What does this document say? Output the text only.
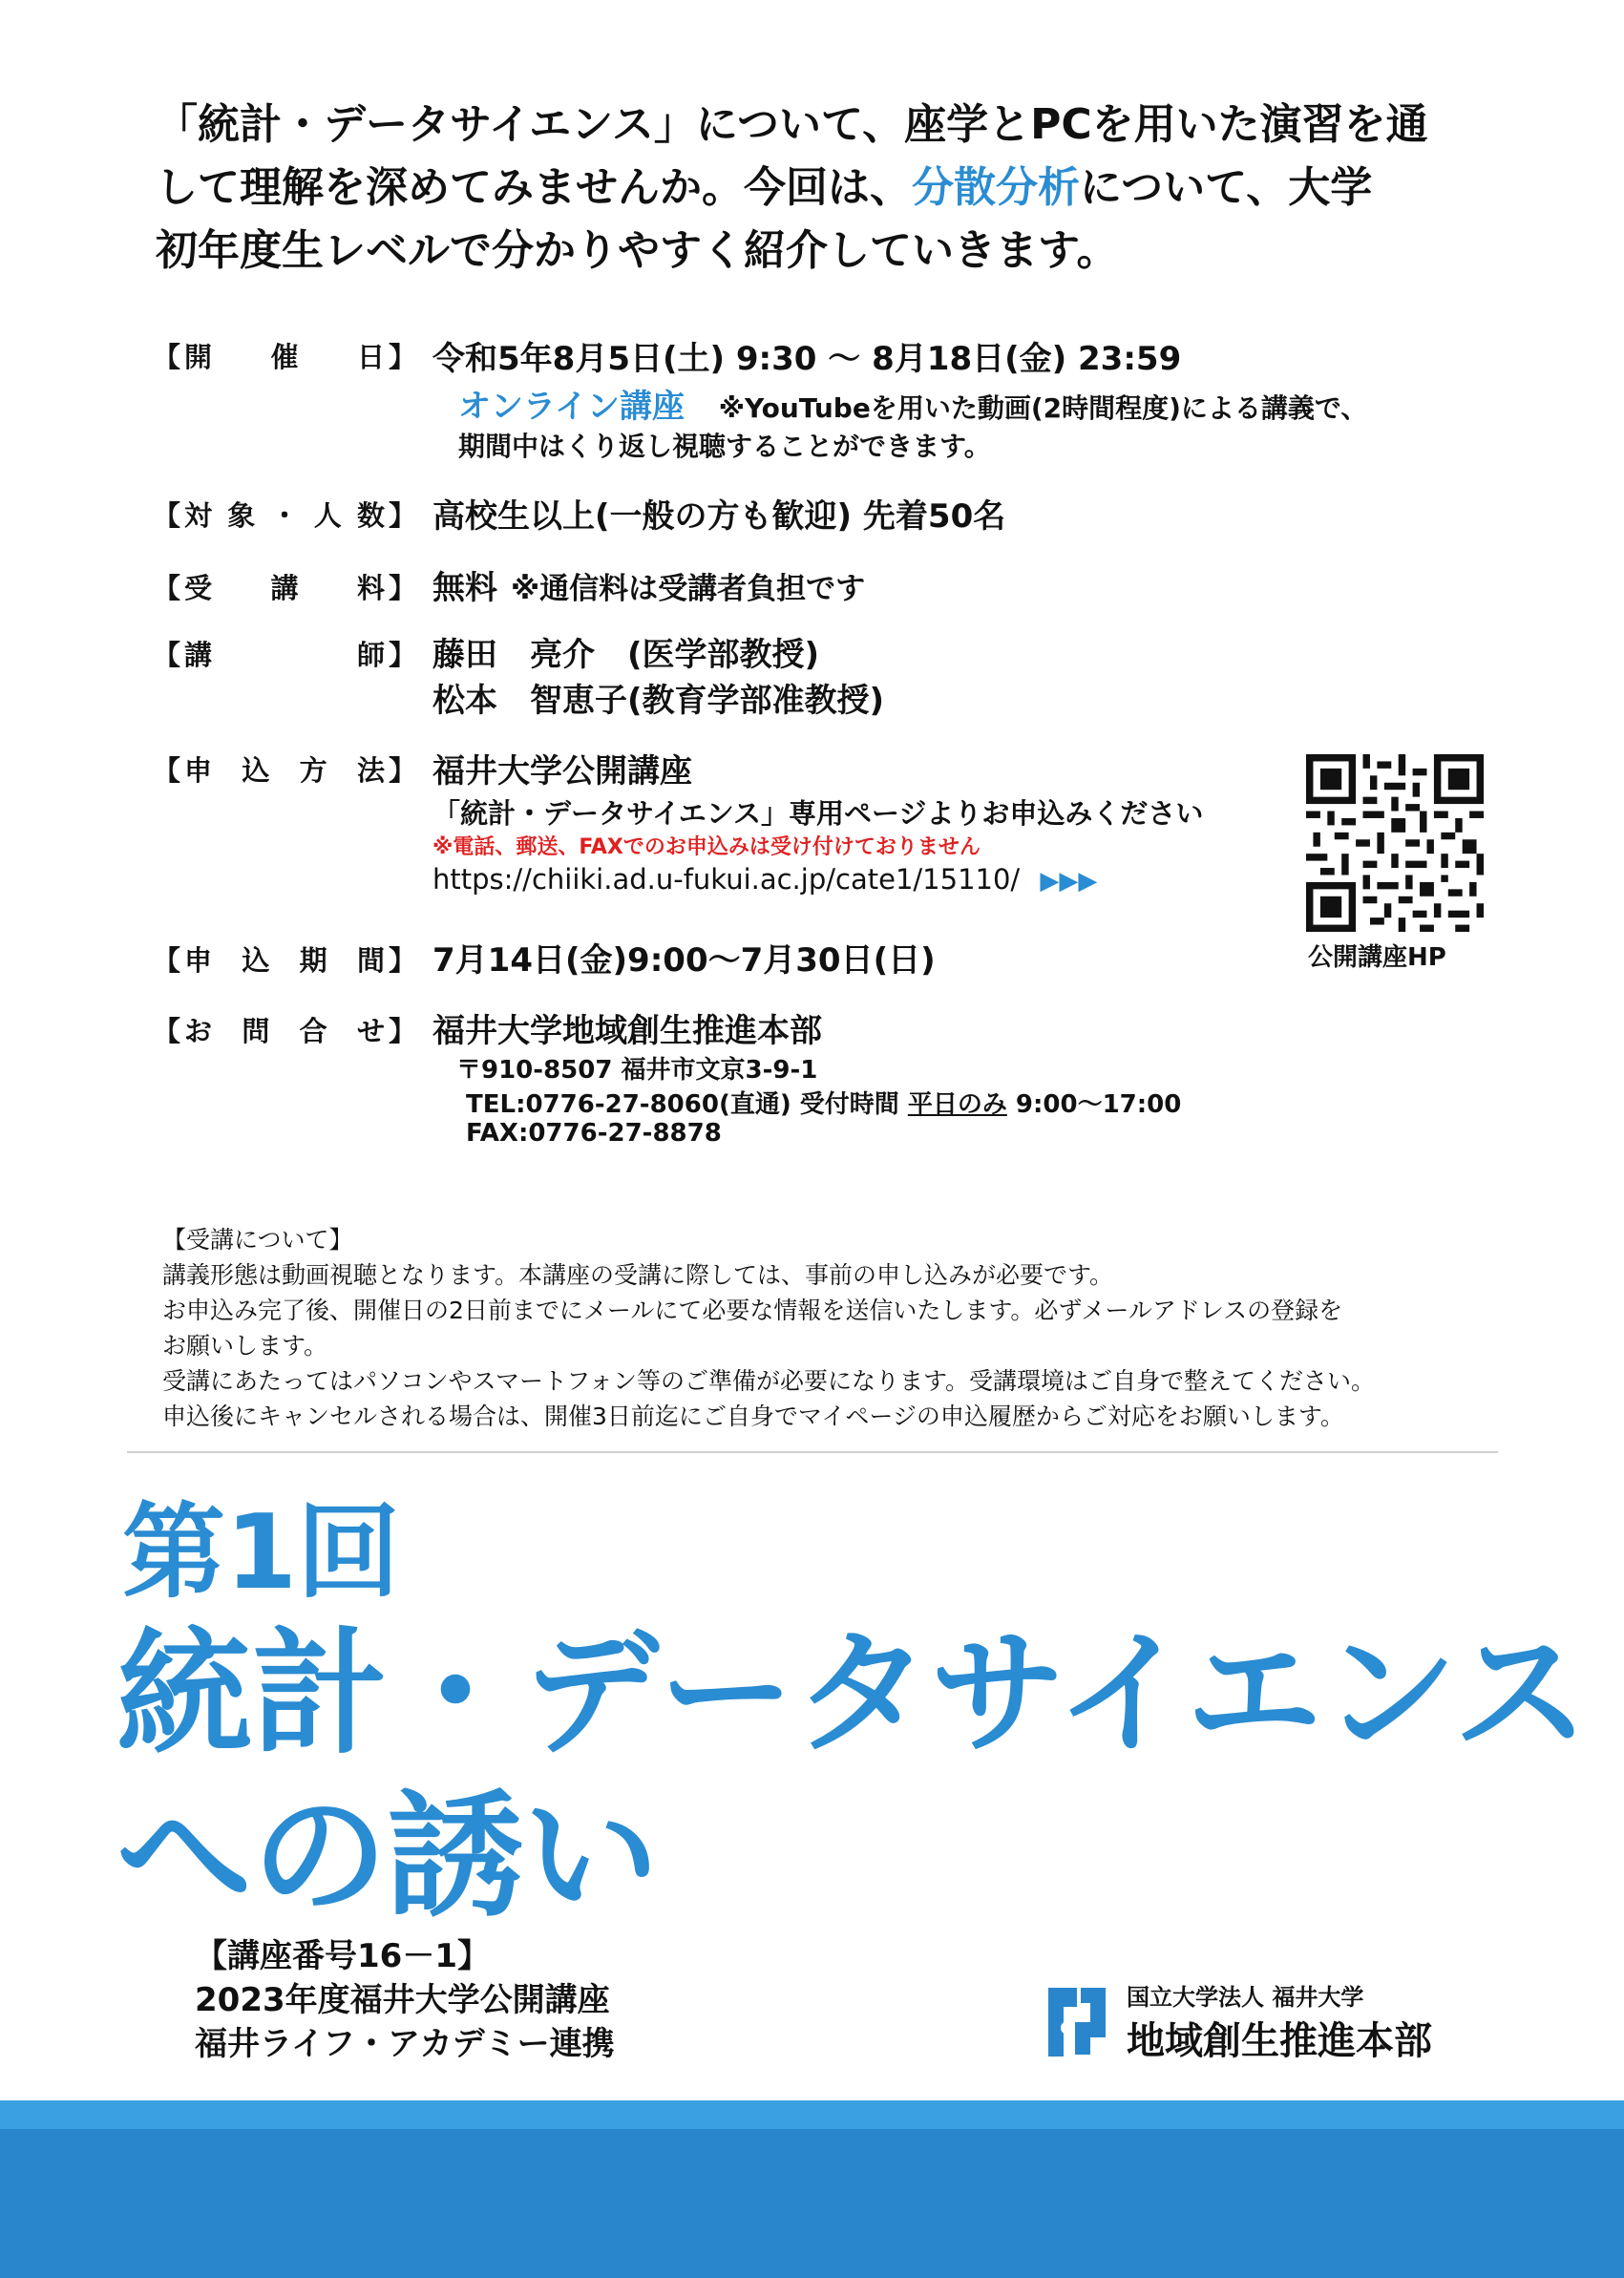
「統計・データサイエンス」について、座学とPCを用いた演習を通
して理解を深めてみませんか。今回は、分散分析について、大学
初年度生レベルで分かりやすく紹介していきます。
【 開催日 】 令和5年8月5日(土) 9:30 ～ 8月18日(金) 23:59
オンライン講座 ※YouTubeを用いた動画(2時間程度)による講義で、
期間中はくり返し視聴することができます。
【 対象・人数 】 高校生以上(一般の方も歓迎) 先着50名
【 受講料 】 無料 ※通信料は受講者負担です
【 講師 】 藤田　亮介　(医学部教授)
松本　智恵子(教育学部准教授)
【 申込方法 】 福井大学公開講座
「統計・データサイエンス」専用ページよりお申込みください
※電話、郵送、FAXでのお申込みは受け付けておりません
https://chiiki.ad.u-fukui.ac.jp/cate1/15110/ ▶▶▶
公開講座HP
【 申込期間 】 7月14日(金)9:00～7月30日(日)
【 お問合せ 】 福井大学地域創生推進本部
〒910-8507 福井市文京3-9-1
TEL:0776-27-8060(直通) 受付時間 平日のみ 9:00～17:00
FAX:0776-27-8878
【受講について】
講義形態は動画視聴となります。本講座の受講に際しては、事前の申し込みが必要です。
お申込み完了後、開催日の2日前までにメールにて必要な情報を送信いたします。必ずメールアドレスの登録を
お願いします。
受講にあたってはパソコンやスマートフォン等のご準備が必要になります。受講環境はご自身で整えてください。
申込後にキャンセルされる場合は、開催3日前迄にご自身でマイページの申込履歴からご対応をお願いします。
第1回
統計・データサイエンス
への誘い
【講座番号16－1】
2023年度福井大学公開講座
福井ライフ・アカデミー連携
国立大学法人 福井大学
地域創生推進本部
